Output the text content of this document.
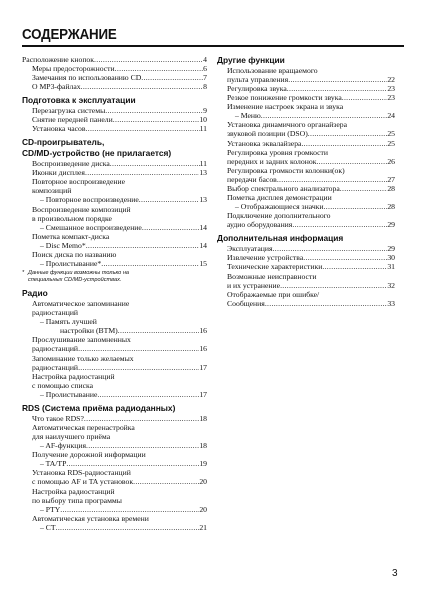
СОДЕРЖАНИЕ
Расположение кнопок .....	4
Меры предосторожности .....	6
Замечания по использованию CD .....	7
О MP3-файлах .....	8
Подготовка к эксплуатации
Перезагрузка системы .....	9
Снятие передней панели .....	10
Установка часов .....	11
CD-проигрыватель,
CD/MD-устройство (не прилагается)
Воспроизведение диска .....	11
Иконки дисплея .....	13
Повторное воспроизведение
композиций
– Повторное воспроизведение .....	13
Воспроизведение композиций
в произвольном порядке
– Смешанное воспроизведение .....	14
Пометка компакт-диска
– Disc Memo* .....	14
Поиск диска по названию
– Пролистывание* .....	15
* Данные функции возможны только на
специальных CD/MD-устройствах.
Радио
Автоматическое запоминание
радиостанций
– Память лучшей
настройки (BTM) .....	16
Прослушивание запомненных
радиостанций .....	16
Запоминание только желаемых
радиостанций .....	17
Настройка радиостанций
с помощью списка
– Пролистывание .....	17
RDS (Система приёма радиоданных)
Что такое RDS? .....	18
Автоматическая перенастройка
для наилучшего приёма
– AF-функция .....	18
Получение дорожной информации
– TA/TP .....	19
Установка RDS-радиостанций
с помощью AF и TA установок .....	20
Настройка радиостанций
по выбору типа программы
– PTY .....	20
Автоматическая установка времени
– CT .....	21
Другие функции
Использование вращаемого
пульта управления .....	22
Регулировка звука .....	23
Резкое понижение громкости звука .....	23
Изменение настроек экрана и звука
– Меню .....	24
Установка динамичного органайзера
звуковой позиции (DSO) .....	25
Установка эквалайзера .....	25
Регулировка уровня громкости
передних и задних колонок .....	26
Регулировка громкости колонки(ок)
передачи басов .....	27
Выбор спектрального анализатора .....	28
Пометка дисплея демонстрации
– Отображающиеся значки .....	28
Подключение дополнительного
аудио оборудования .....	29
Дополнительная информация
Эксплуатация .....	29
Извлечение устройства .....	30
Технические характеристики .....	31
Возможные неисправности
и их устранение .....	32
Отображаемые при ошибке/
Сообщения .....	33
3
